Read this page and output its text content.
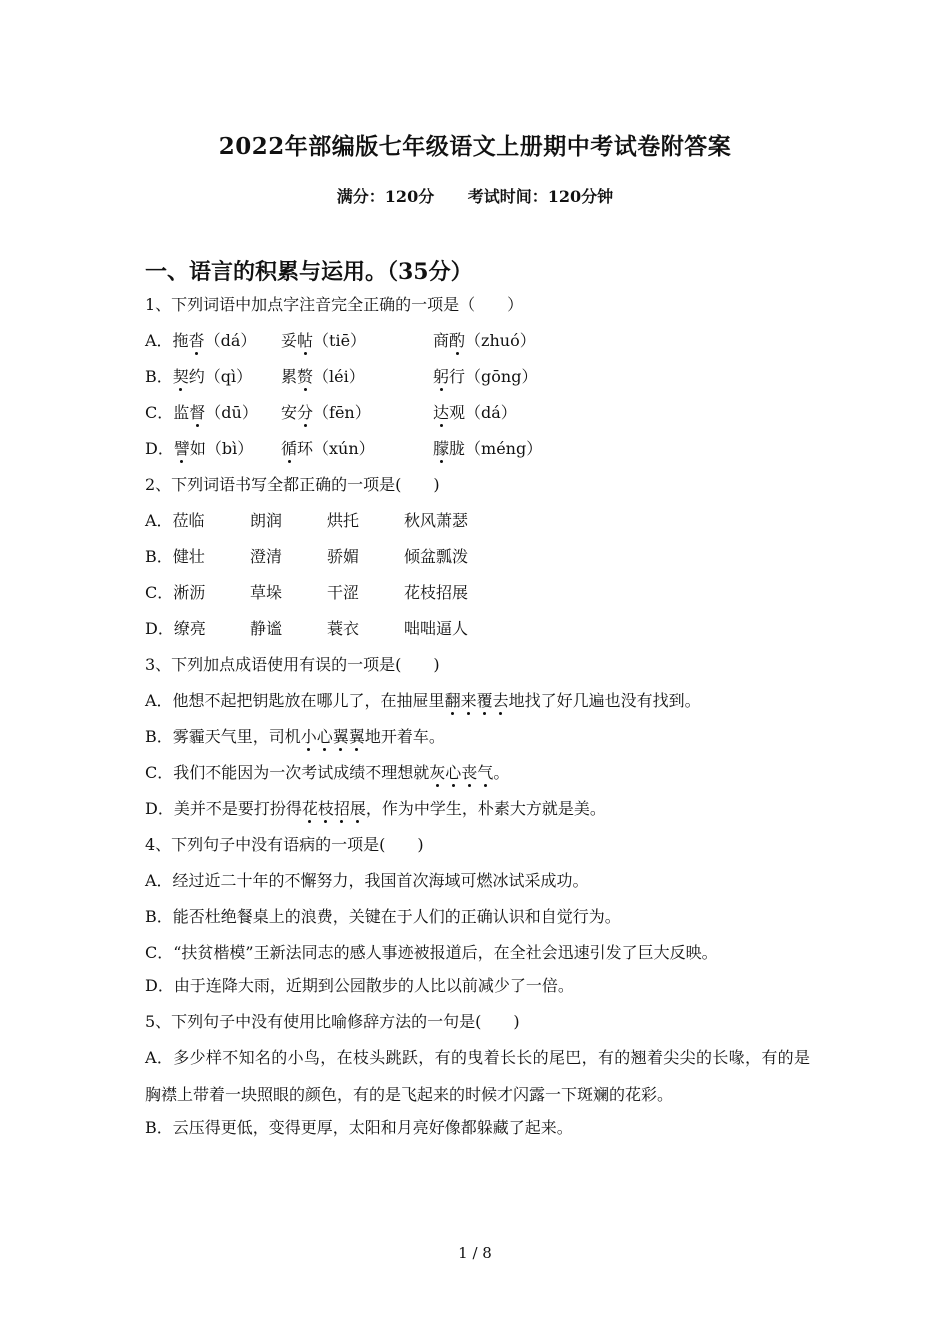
2022年部编版七年级语文上册期中考试卷附答案
满分：120分 考试时间：120分钟
一、语言的积累与运用。（35分）
1、下列词语中加点字注音完全正确的一项是（　　）
A．拖沓（dá） 妥帖（tiē）	商酌（zhuó）
B．契约（qì） 累赘（léi）	躬行（gōng）
C．监督（dū） 安分（fēn）	达观（dá）
D．譬如（bì） 循环（xún）	朦胧（méng）
2、下列词语书写全都正确的一项是(　　)
A．莅临	朗润	烘托	秋风萧瑟
B．健壮	澄清	骄媚	倾盆瓢泼
C．淅沥	草垛	干涩	花枝招展
D．缭亮	静谧	蓑衣	咄咄逼人
3、下列加点成语使用有误的一项是(　　)
A．他想不起把钥匙放在哪儿了，在抽屉里翻来覆去地找了好几遍也没有找到。
B．雾霾天气里，司机小心翼翼地开着车。
C．我们不能因为一次考试成绩不理想就灰心丧气。
D．美并不是要打扮得花枝招展，作为中学生，朴素大方就是美。
4、下列句子中没有语病的一项是(　　)
A．经过近二十年的不懈努力，我国首次海域可燃冰试采成功。
B．能否杜绝餐桌上的浪费，关键在于人们的正确认识和自觉行为。
C．“扶贫楷模”王新法同志的感人事迹被报道后，在全社会迅速引发了巨大反映。
D．由于连降大雨，近期到公园散步的人比以前减少了一倍。
5、下列句子中没有使用比喻修辞方法的一句是(　　)
A．多少样不知名的小鸟，在枝头跳跃，有的曳着长长的尾巴，有的翘着尖尖的长喙，有的是胸襟上带着一块照眼的颜色，有的是飞起来的时候才闪露一下斑斓的花彩。
B．云压得更低，变得更厚，太阳和月亮好像都躲藏了起来。
1 / 8
